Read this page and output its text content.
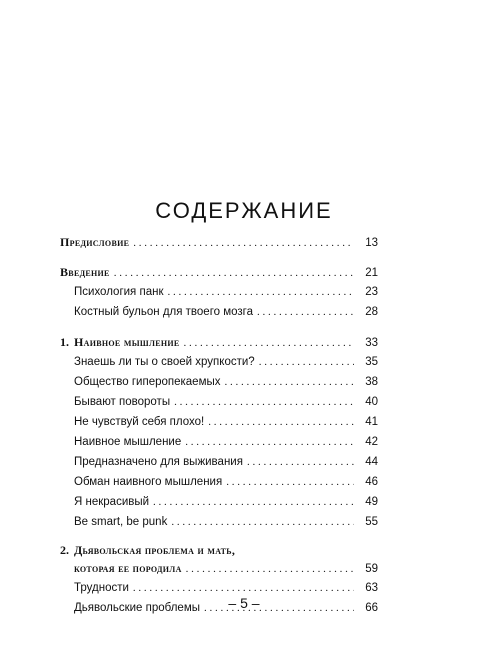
СОДЕРЖАНИЕ
Предисловие . . .	13
Введение . . .	21
Психология панк . . .	23
Костный бульон для твоего мозга . . .	28
1. Наивное мышление . . .	33
Знаешь ли ты о своей хрупкости? . . .	35
Общество гиперопекаемых . . .	38
Бывают повороты . . .	40
Не чувствуй себя плохо! . . .	41
Наивное мышление . . .	42
Предназначено для выживания . . .	44
Обман наивного мышления . . .	46
Я некрасивый . . .	49
Be smart, be punk . . .	55
2. Дьявольская проблема и мать,
которая ее породила . . .	59
Трудности . . .	63
Дьявольские проблемы . . .	66
– 5 –
